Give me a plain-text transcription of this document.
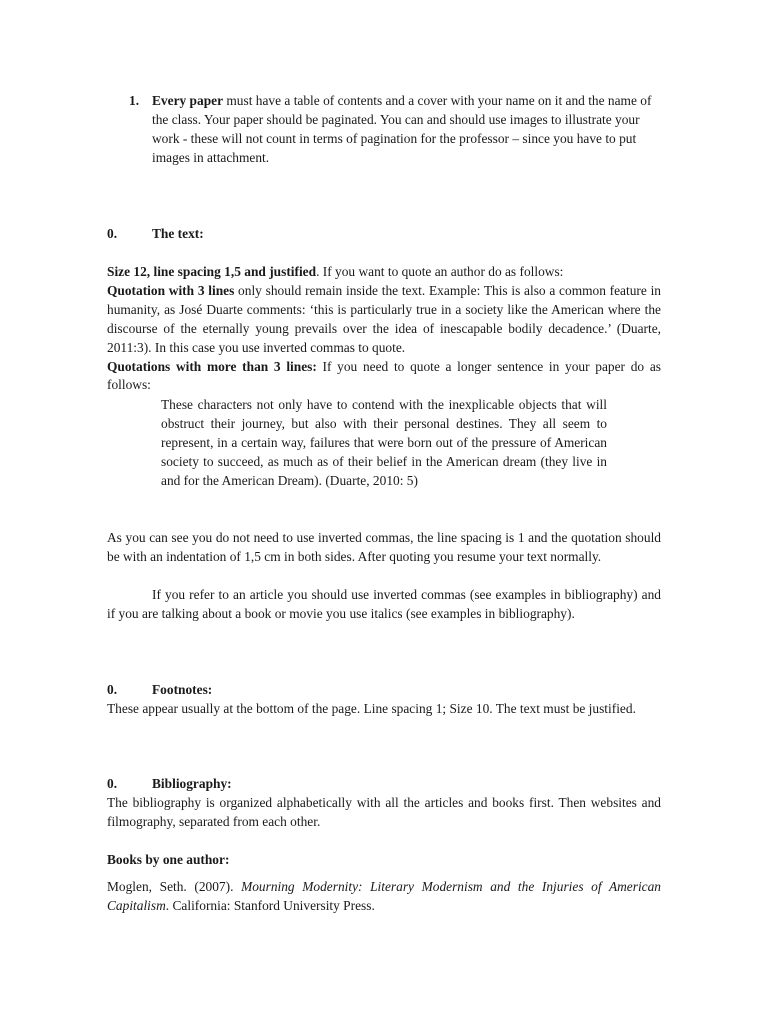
1. Every paper must have a table of contents and a cover with your name on it and the name of the class. Your paper should be paginated. You can and should use images to illustrate your work - these will not count in terms of pagination for the professor – since you have to put images in attachment.
0.	The text:

Size 12, line spacing 1,5 and justified. If you want to quote an author do as follows:
Quotation with 3 lines only should remain inside the text. Example: This is also a common feature in humanity, as José Duarte comments: ‘this is particularly true in a society like the American where the discourse of the eternally young prevails over the idea of inescapable bodily decadence.’ (Duarte, 2011:3). In this case you use inverted commas to quote.
Quotations with more than 3 lines: If you need to quote a longer sentence in your paper do as follows:

These characters not only have to contend with the inexplicable objects that will obstruct their journey, but also with their personal destines. They all seem to represent, in a certain way, failures that were born out of the pressure of American society to succeed, as much as of their belief in the American dream (they live in and for the American Dream). (Duarte, 2010: 5)

As you can see you do not need to use inverted commas, the line spacing is 1 and the quotation should be with an indentation of 1,5 cm in both sides. After quoting you resume your text normally.

If you refer to an article you should use inverted commas (see examples in bibliography) and if you are talking about a book or movie you use italics (see examples in bibliography).

0.	Footnotes:

These appear usually at the bottom of the page. Line spacing 1; Size 10. The text must be justified.

0.	Bibliography:

The bibliography is organized alphabetically with all the articles and books first. Then websites and filmography, separated from each other.

Books by one author:

Moglen, Seth. (2007). Mourning Modernity: Literary Modernism and the Injuries of American Capitalism. California: Stanford University Press.
